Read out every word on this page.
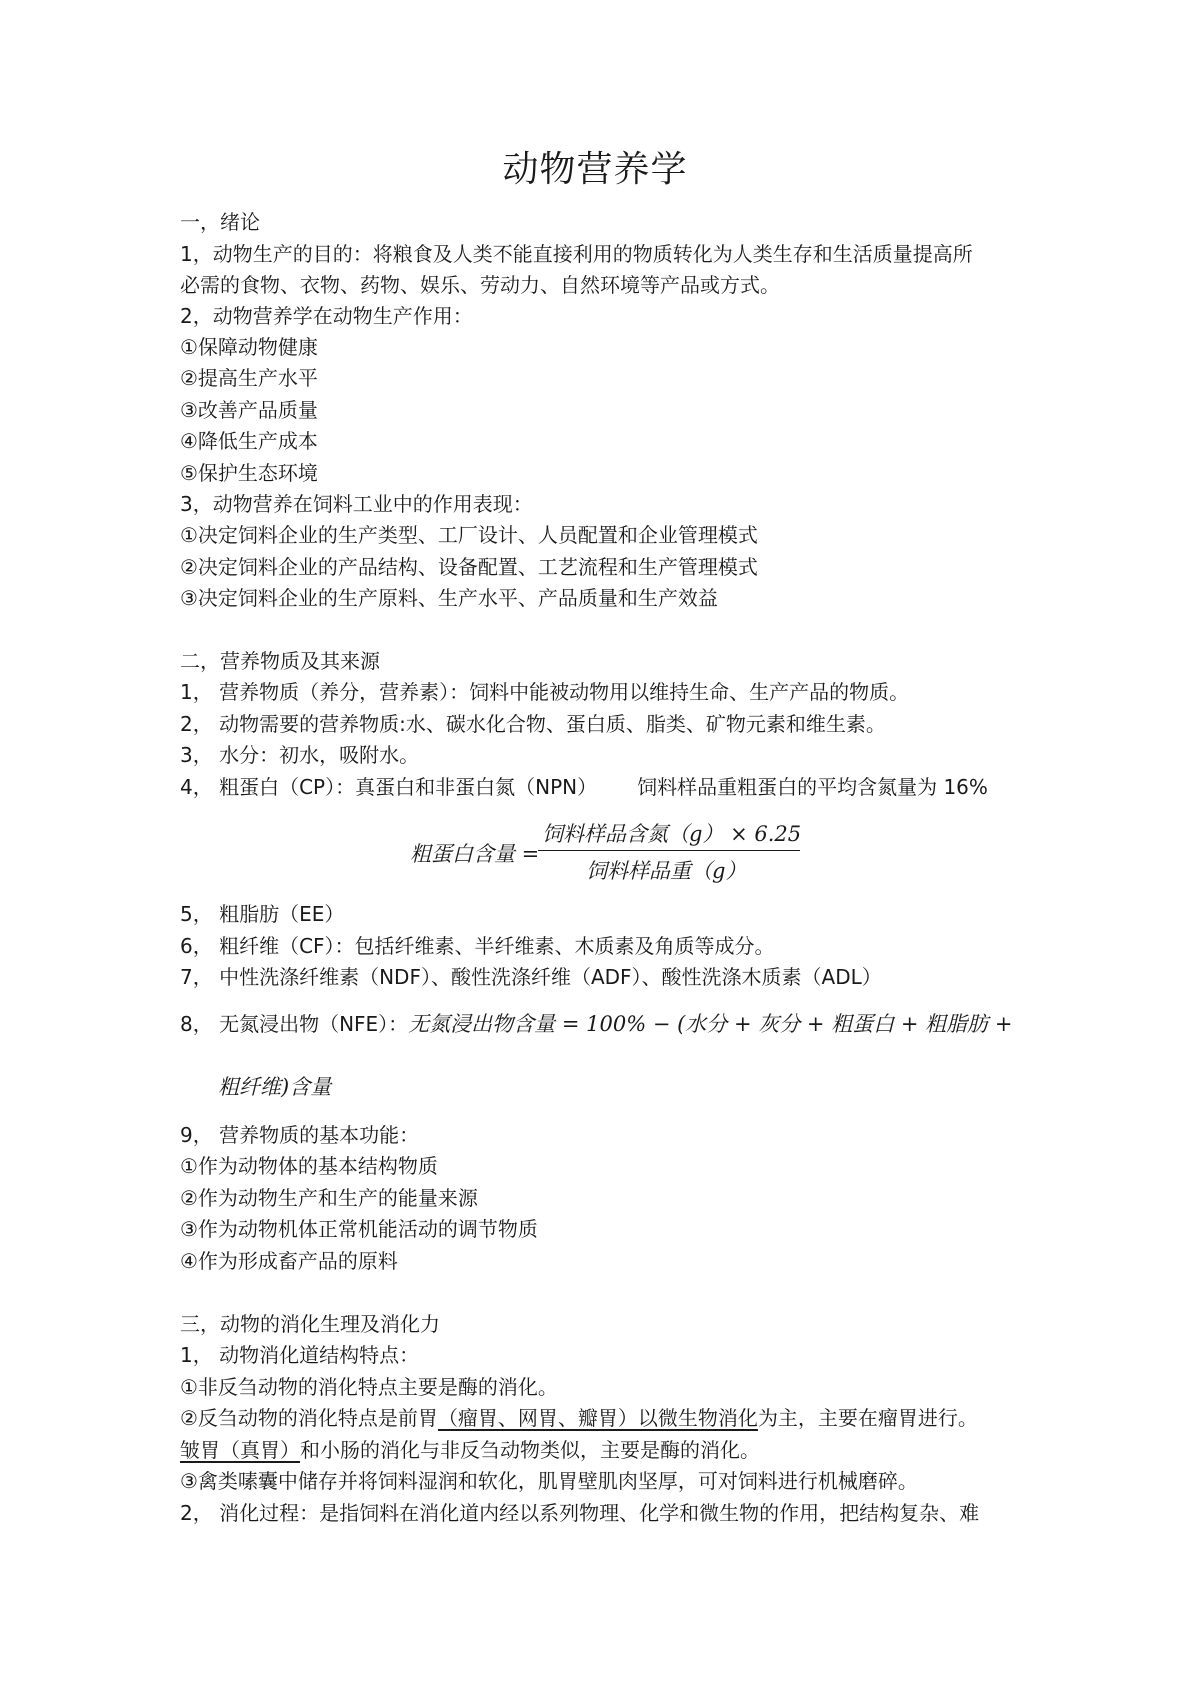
动物营养学
一，绪论
1，动物生产的目的：将粮食及人类不能直接利用的物质转化为人类生存和生活质量提高所
必需的食物、衣物、药物、娱乐、劳动力、自然环境等产品或方式。
2，动物营养学在动物生产作用：
①保障动物健康
②提高生产水平
③改善产品质量
④降低生产成本
⑤保护生态环境
3，动物营养在饲料工业中的作用表现：
①决定饲料企业的生产类型、工厂设计、人员配置和企业管理模式
②决定饲料企业的产品结构、设备配置、工艺流程和生产管理模式
③决定饲料企业的生产原料、生产水平、产品质量和生产效益
二，营养物质及其来源
1， 营养物质（养分，营养素）：饲料中能被动物用以维持生命、生产产品的物质。
2， 动物需要的营养物质:水、碳水化合物、蛋白质、脂类、矿物元素和维生素。
3， 水分：初水，吸附水。
4， 粗蛋白（CP）：真蛋白和非蛋白氮（NPN） 饲料样品重粗蛋白的平均含氮量为 16%
粗蛋白含量 =
饲料样品含氮（g） × 6.25
饲料样品重（g）
5， 粗脂肪（EE）
6， 粗纤维（CF）：包括纤维素、半纤维素、木质素及角质等成分。
7， 中性洗涤纤维素（NDF）、酸性洗涤纤维（ADF）、酸性洗涤木质素（ADL）
8， 无氮浸出物（NFE）：无氮浸出物含量 = 100% − (水分 + 灰分 + 粗蛋白 + 粗脂肪 +
粗纤维)含量
9， 营养物质的基本功能：
①作为动物体的基本结构物质
②作为动物生产和生产的能量来源
③作为动物机体正常机能活动的调节物质
④作为形成畜产品的原料
三，动物的消化生理及消化力
1， 动物消化道结构特点：
①非反刍动物的消化特点主要是酶的消化。
②反刍动物的消化特点是前胃（瘤胃、网胃、瓣胃）以微生物消化为主，主要在瘤胃进行。
皱胃（真胃）和小肠的消化与非反刍动物类似，主要是酶的消化。
③禽类嗉囊中储存并将饲料湿润和软化，肌胃壁肌肉坚厚，可对饲料进行机械磨碎。
2， 消化过程：是指饲料在消化道内经以系列物理、化学和微生物的作用，把结构复杂、难
